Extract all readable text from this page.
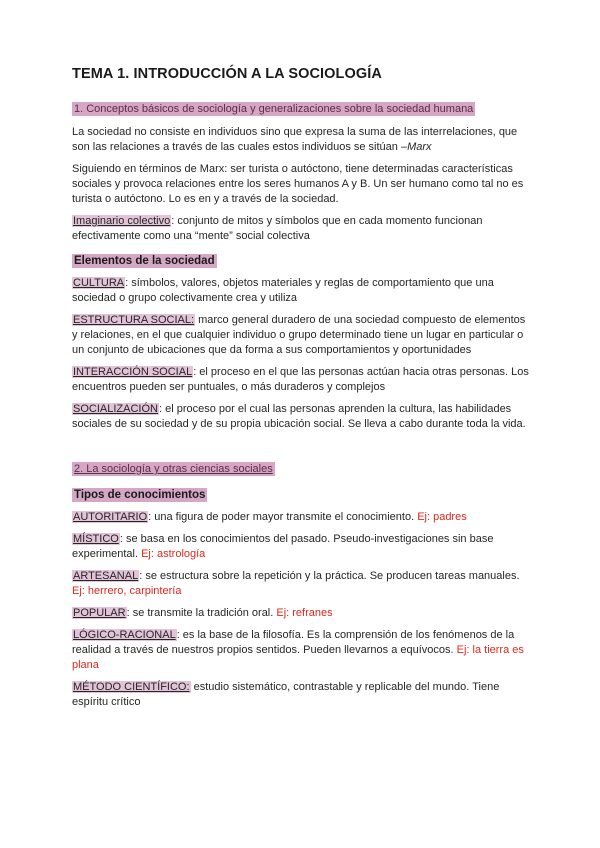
TEMA 1. INTRODUCCIÓN A LA SOCIOLOGÍA
1. Conceptos básicos de sociología y generalizaciones sobre la sociedad humana

La sociedad no consiste en individuos sino que expresa la suma de las interrelaciones, que son las relaciones a través de las cuales estos individuos se sitúan –Marx

Siguiendo en términos de Marx: ser turista o autóctono, tiene determinadas características sociales y provoca relaciones entre los seres humanos A y B. Un ser humano como tal no es turista o autóctono. Lo es en y a través de la sociedad.

Imaginario colectivo: conjunto de mitos y símbolos que en cada momento funcionan efectivamente como una “mente” social colectiva

Elementos de la sociedad

CULTURA: símbolos, valores, objetos materiales y reglas de comportamiento que una sociedad o grupo colectivamente crea y utiliza

ESTRUCTURA SOCIAL: marco general duradero de una sociedad compuesto de elementos y relaciones, en el que cualquier individuo o grupo determinado tiene un lugar en particular o un conjunto de ubicaciones que da forma a sus comportamientos y oportunidades

INTERACCIÓN SOCIAL: el proceso en el que las personas actúan hacia otras personas. Los encuentros pueden ser puntuales, o más duraderos y complejos

SOCIALIZACIÓN: el proceso por el cual las personas aprenden la cultura, las habilidades sociales de su sociedad y de su propia ubicación social. Se lleva a cabo durante toda la vida.

2. La sociología y otras ciencias sociales
Tipos de conocimientos

AUTORITARIO: una figura de poder mayor transmite el conocimiento. Ej: padres

MÍSTICO: se basa en los conocimientos del pasado. Pseudo-investigaciones sin base experimental. Ej: astrología

ARTESANAL: se estructura sobre la repetición y la práctica. Se producen tareas manuales. Ej: herrero, carpintería

POPULAR: se transmite la tradición oral. Ej: refranes

LÓGICO-RACIONAL: es la base de la filosofía. Es la comprensión de los fenómenos de la realidad a través de nuestros propios sentidos. Pueden llevarnos a equívocos. Ej: la tierra es plana

MÉTODO CIENTÍFICO: estudio sistemático, contrastable y replicable del mundo. Tiene espíritu crítico
